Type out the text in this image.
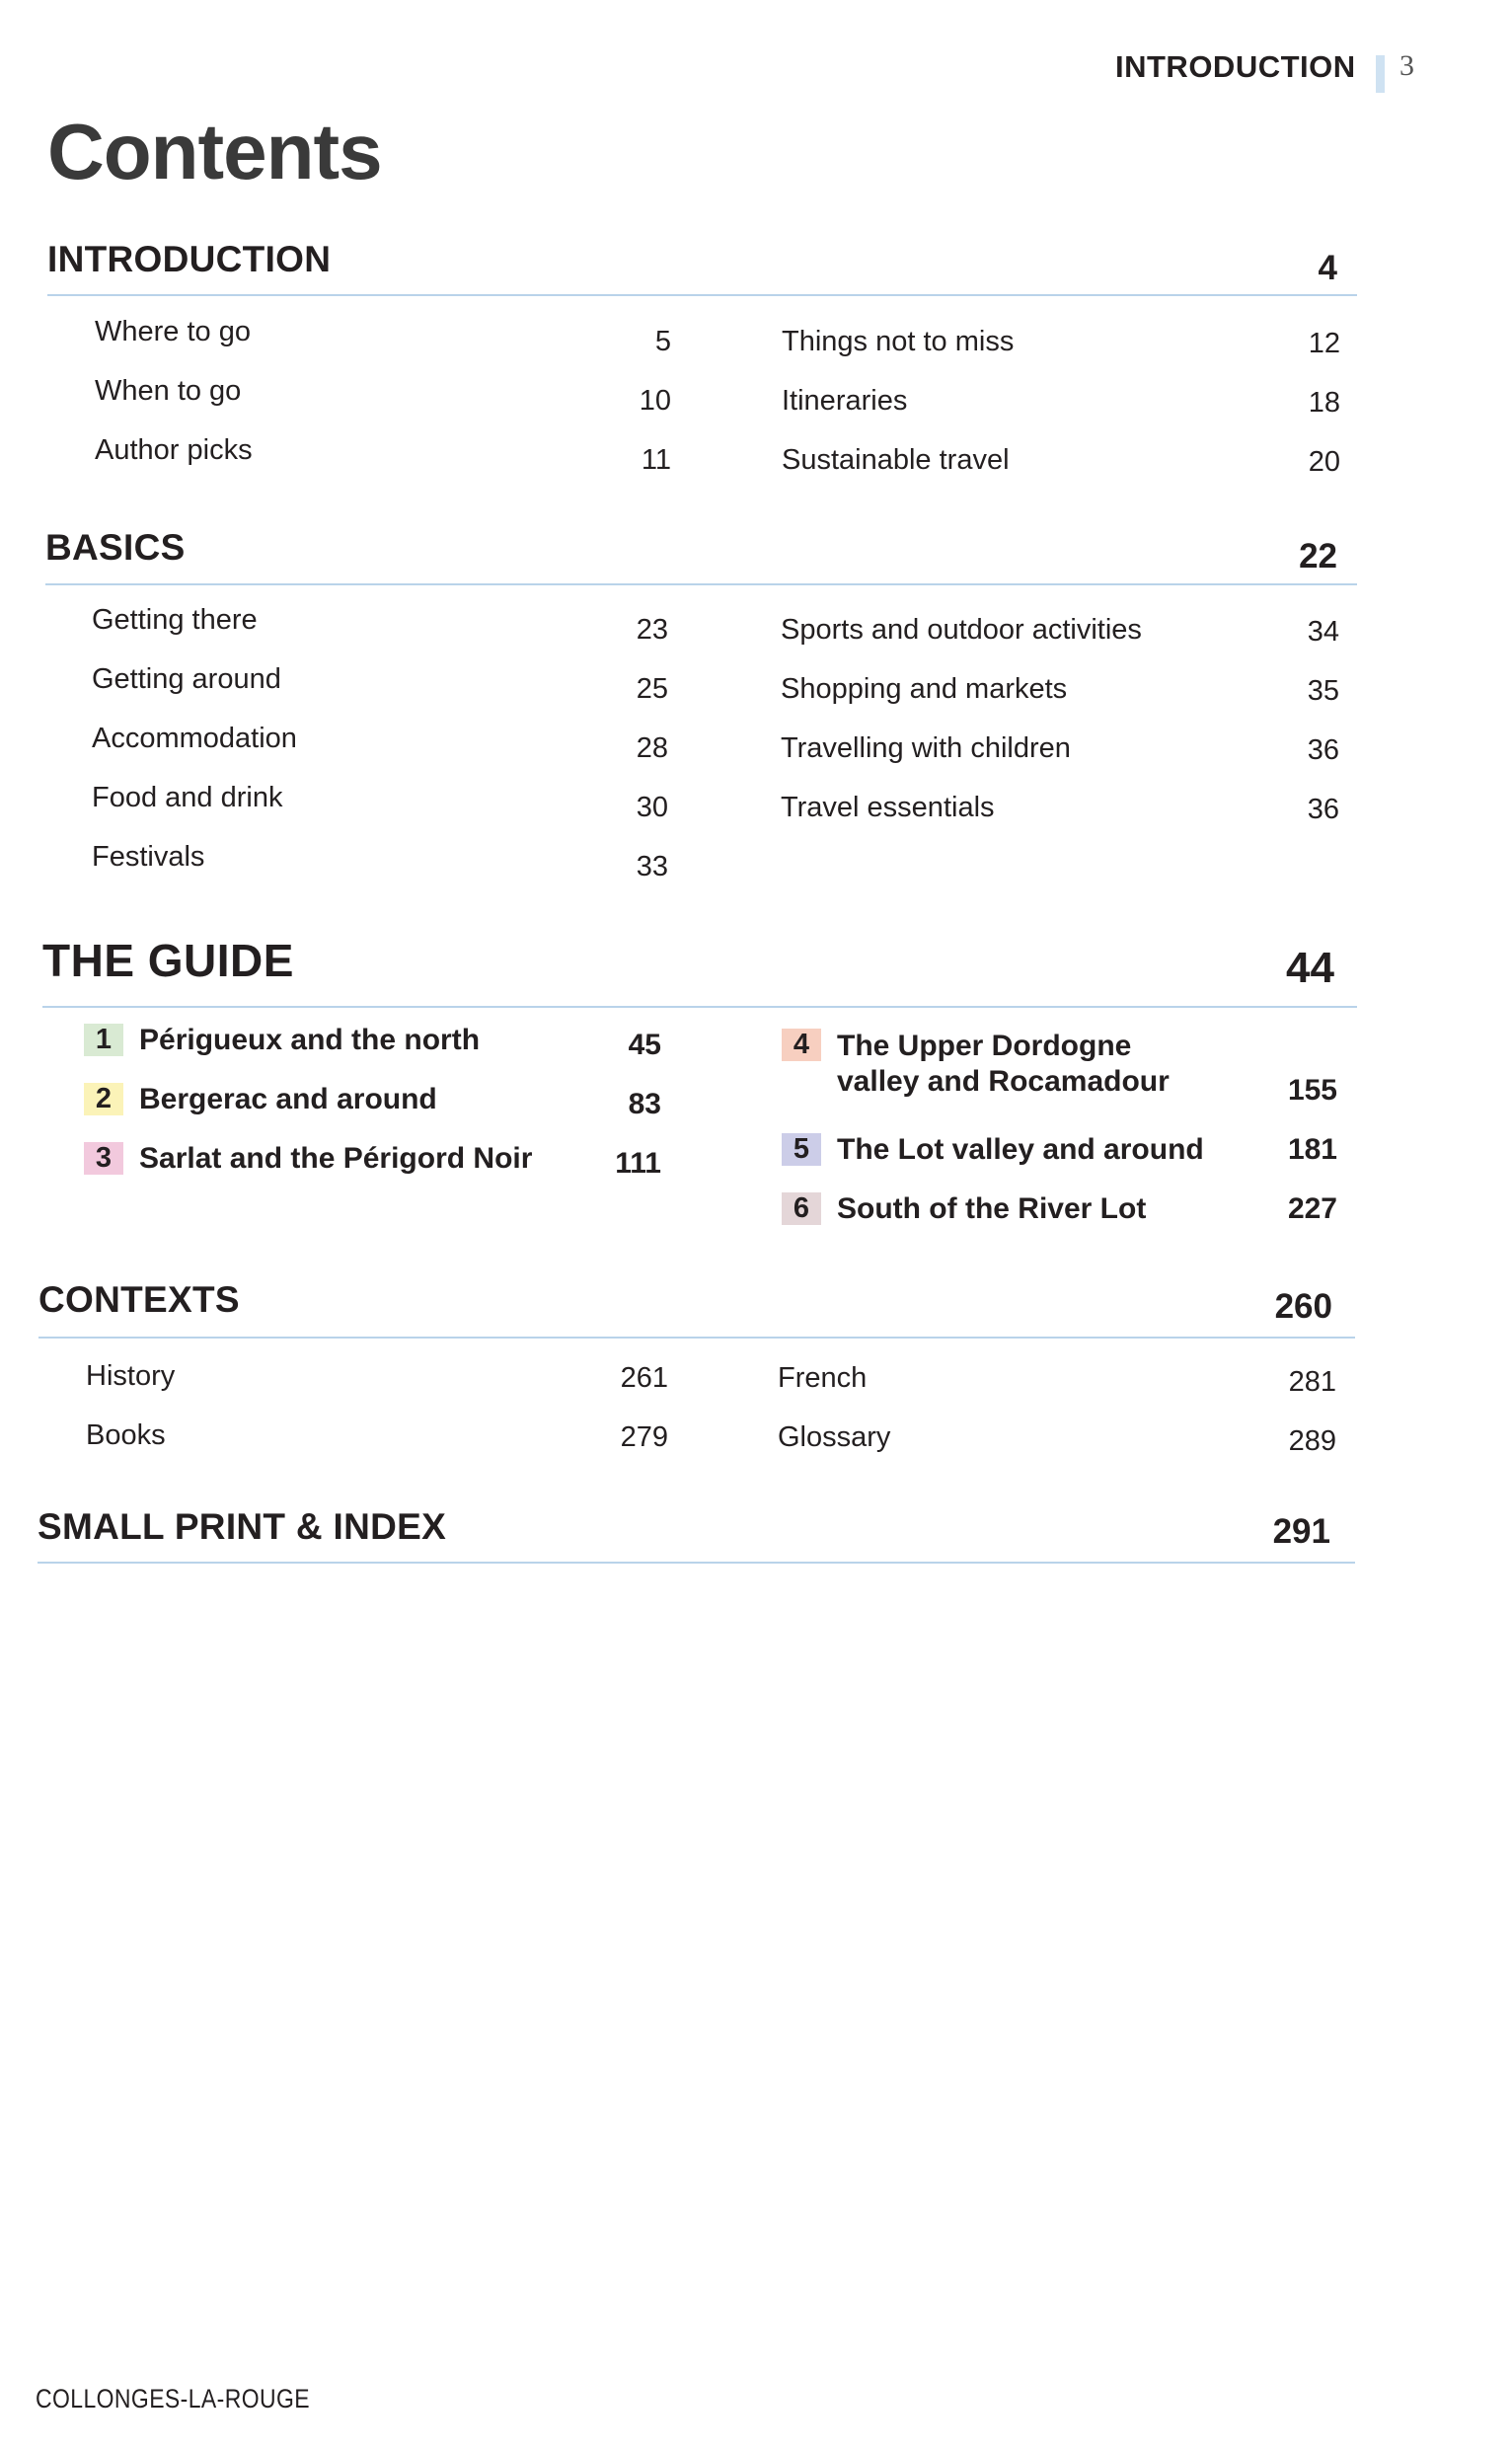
INTRODUCTION 3
Contents
INTRODUCTION	4
Where to go	5
When to go	10
Author picks	11
Things not to miss	12
Itineraries	18
Sustainable travel	20
BASICS	22
Getting there	23
Getting around	25
Accommodation	28
Food and drink	30
Festivals	33
Sports and outdoor activities	34
Shopping and markets	35
Travelling with children	36
Travel essentials	36
THE GUIDE	44
1 Périgueux and the north	45
2 Bergerac and around	83
3 Sarlat and the Périgord Noir	111
4 The Upper Dordogne valley and Rocamadour	155
5 The Lot valley and around	181
6 South of the River Lot	227
CONTEXTS	260
History	261
Books	279
French	281
Glossary	289
SMALL PRINT & INDEX	291
COLLONGES-LA-ROUGE
